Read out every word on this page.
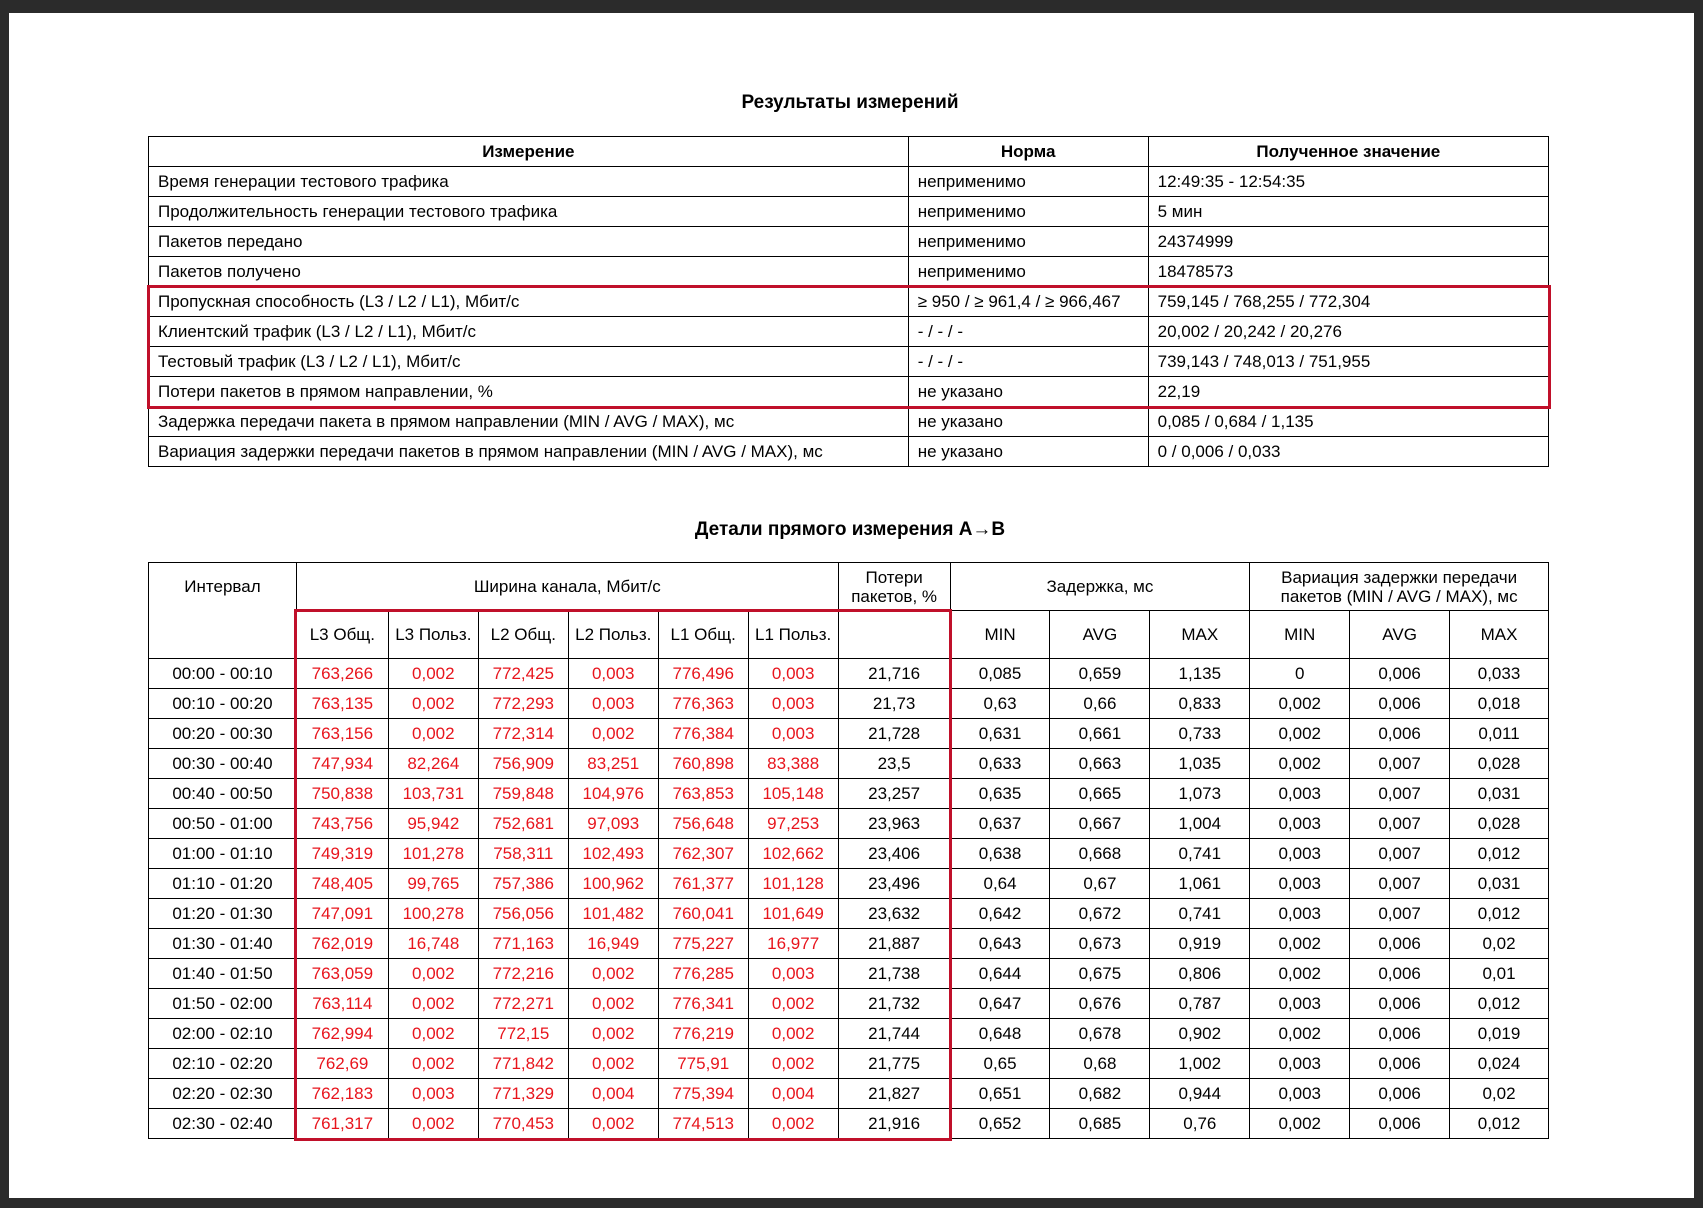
Результаты измерений
Измерение	Норма	Полученное значение
Время генерации тестового трафика	неприменимо	12:49:35 - 12:54:35
Продолжительность генерации тестового трафика	неприменимо	5 мин
Пакетов передано	неприменимо	24374999
Пакетов получено	неприменимо	18478573
Пропускная способность (L3 / L2 / L1), Мбит/с	≥ 950 / ≥ 961,4 / ≥ 966,467	759,145 / 768,255 / 772,304
Клиентский трафик (L3 / L2 / L1), Мбит/с	- / - / -	20,002 / 20,242 / 20,276
Тестовый трафик (L3 / L2 / L1), Мбит/с	- / - / -	739,143 / 748,013 / 751,955
Потери пакетов в прямом направлении, %	не указано	22,19
Задержка передачи пакета в прямом направлении (MIN / AVG / MAX), мс	не указано	0,085 / 0,684 / 1,135
Вариация задержки передачи пакетов в прямом направлении (MIN / AVG / MAX), мс	не указано	0 / 0,006 / 0,033
Детали прямого измерения A→B
Интервал	Ширина канала, Мбит/с						Потери пакетов, %	Задержка, мс			Вариация задержки передачи пакетов (MIN / AVG / MAX), мс		
	L3 Общ.	L3 Польз.	L2 Общ.	L2 Польз.	L1 Общ.	L1 Польз.		MIN	AVG	MAX	MIN	AVG	MAX
00:00 - 00:10	763,266	0,002	772,425	0,003	776,496	0,003	21,716	0,085	0,659	1,135	0	0,006	0,033
00:10 - 00:20	763,135	0,002	772,293	0,003	776,363	0,003	21,73	0,63	0,66	0,833	0,002	0,006	0,018
00:20 - 00:30	763,156	0,002	772,314	0,002	776,384	0,003	21,728	0,631	0,661	0,733	0,002	0,006	0,011
00:30 - 00:40	747,934	82,264	756,909	83,251	760,898	83,388	23,5	0,633	0,663	1,035	0,002	0,007	0,028
00:40 - 00:50	750,838	103,731	759,848	104,976	763,853	105,148	23,257	0,635	0,665	1,073	0,003	0,007	0,031
00:50 - 01:00	743,756	95,942	752,681	97,093	756,648	97,253	23,963	0,637	0,667	1,004	0,003	0,007	0,028
01:00 - 01:10	749,319	101,278	758,311	102,493	762,307	102,662	23,406	0,638	0,668	0,741	0,003	0,007	0,012
01:10 - 01:20	748,405	99,765	757,386	100,962	761,377	101,128	23,496	0,64	0,67	1,061	0,003	0,007	0,031
01:20 - 01:30	747,091	100,278	756,056	101,482	760,041	101,649	23,632	0,642	0,672	0,741	0,003	0,007	0,012
01:30 - 01:40	762,019	16,748	771,163	16,949	775,227	16,977	21,887	0,643	0,673	0,919	0,002	0,006	0,02
01:40 - 01:50	763,059	0,002	772,216	0,002	776,285	0,003	21,738	0,644	0,675	0,806	0,002	0,006	0,01
01:50 - 02:00	763,114	0,002	772,271	0,002	776,341	0,002	21,732	0,647	0,676	0,787	0,003	0,006	0,012
02:00 - 02:10	762,994	0,002	772,15	0,002	776,219	0,002	21,744	0,648	0,678	0,902	0,002	0,006	0,019
02:10 - 02:20	762,69	0,002	771,842	0,002	775,91	0,002	21,775	0,65	0,68	1,002	0,003	0,006	0,024
02:20 - 02:30	762,183	0,003	771,329	0,004	775,394	0,004	21,827	0,651	0,682	0,944	0,003	0,006	0,02
02:30 - 02:40	761,317	0,002	770,453	0,002	774,513	0,002	21,916	0,652	0,685	0,76	0,002	0,006	0,012
